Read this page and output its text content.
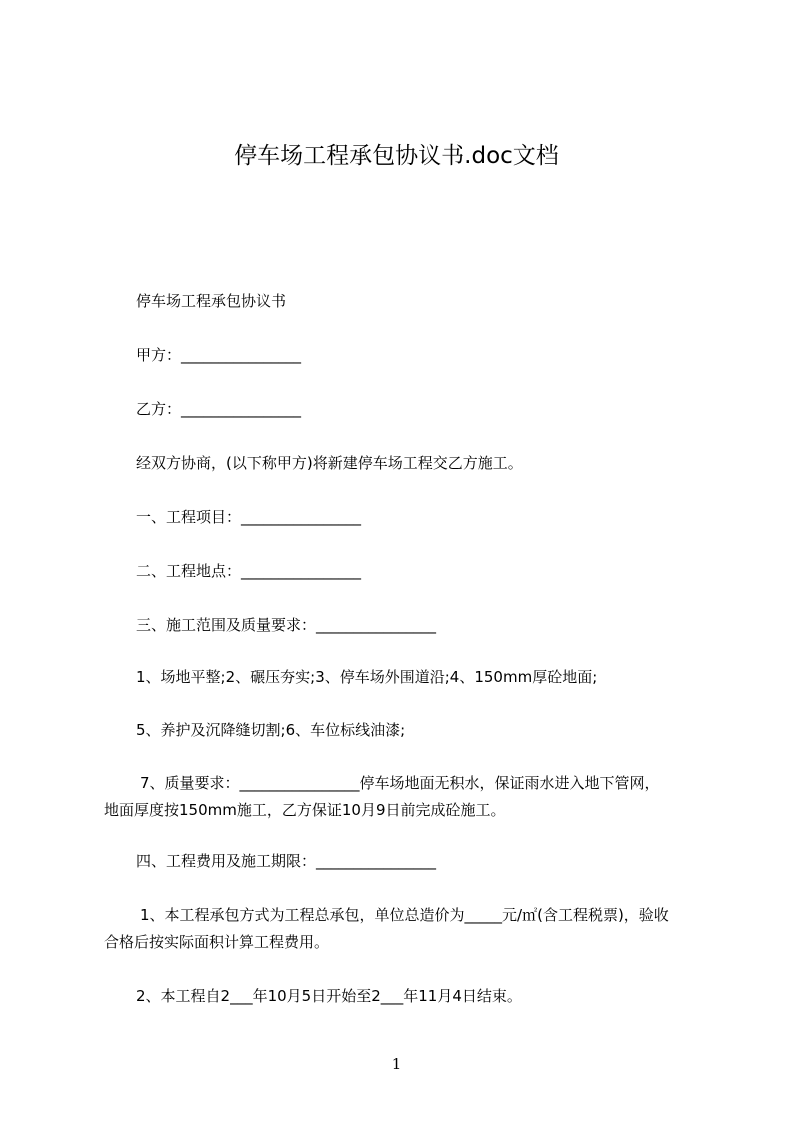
停车场工程承包协议书.doc文档
停车场工程承包协议书
甲方：________________
乙方：________________
经双方协商，(以下称甲方)将新建停车场工程交乙方施工。
一、工程项目：________________
二、工程地点：________________
三、施工范围及质量要求：________________
1、场地平整;2、碾压夯实;3、停车场外围道沿;4、150mm厚砼地面;
5、养护及沉降缝切割;6、车位标线油漆;
7、质量要求：________________停车场地面无积水，保证雨水进入地下管网，
地面厚度按150mm施工，乙方保证10月9日前完成砼施工。
四、工程费用及施工期限：________________
1、本工程承包方式为工程总承包，单位总造价为_____元/㎡(含工程税票)，验收
合格后按实际面积计算工程费用。
2、本工程自2___年10月5日开始至2___年11月4日结束。
1
